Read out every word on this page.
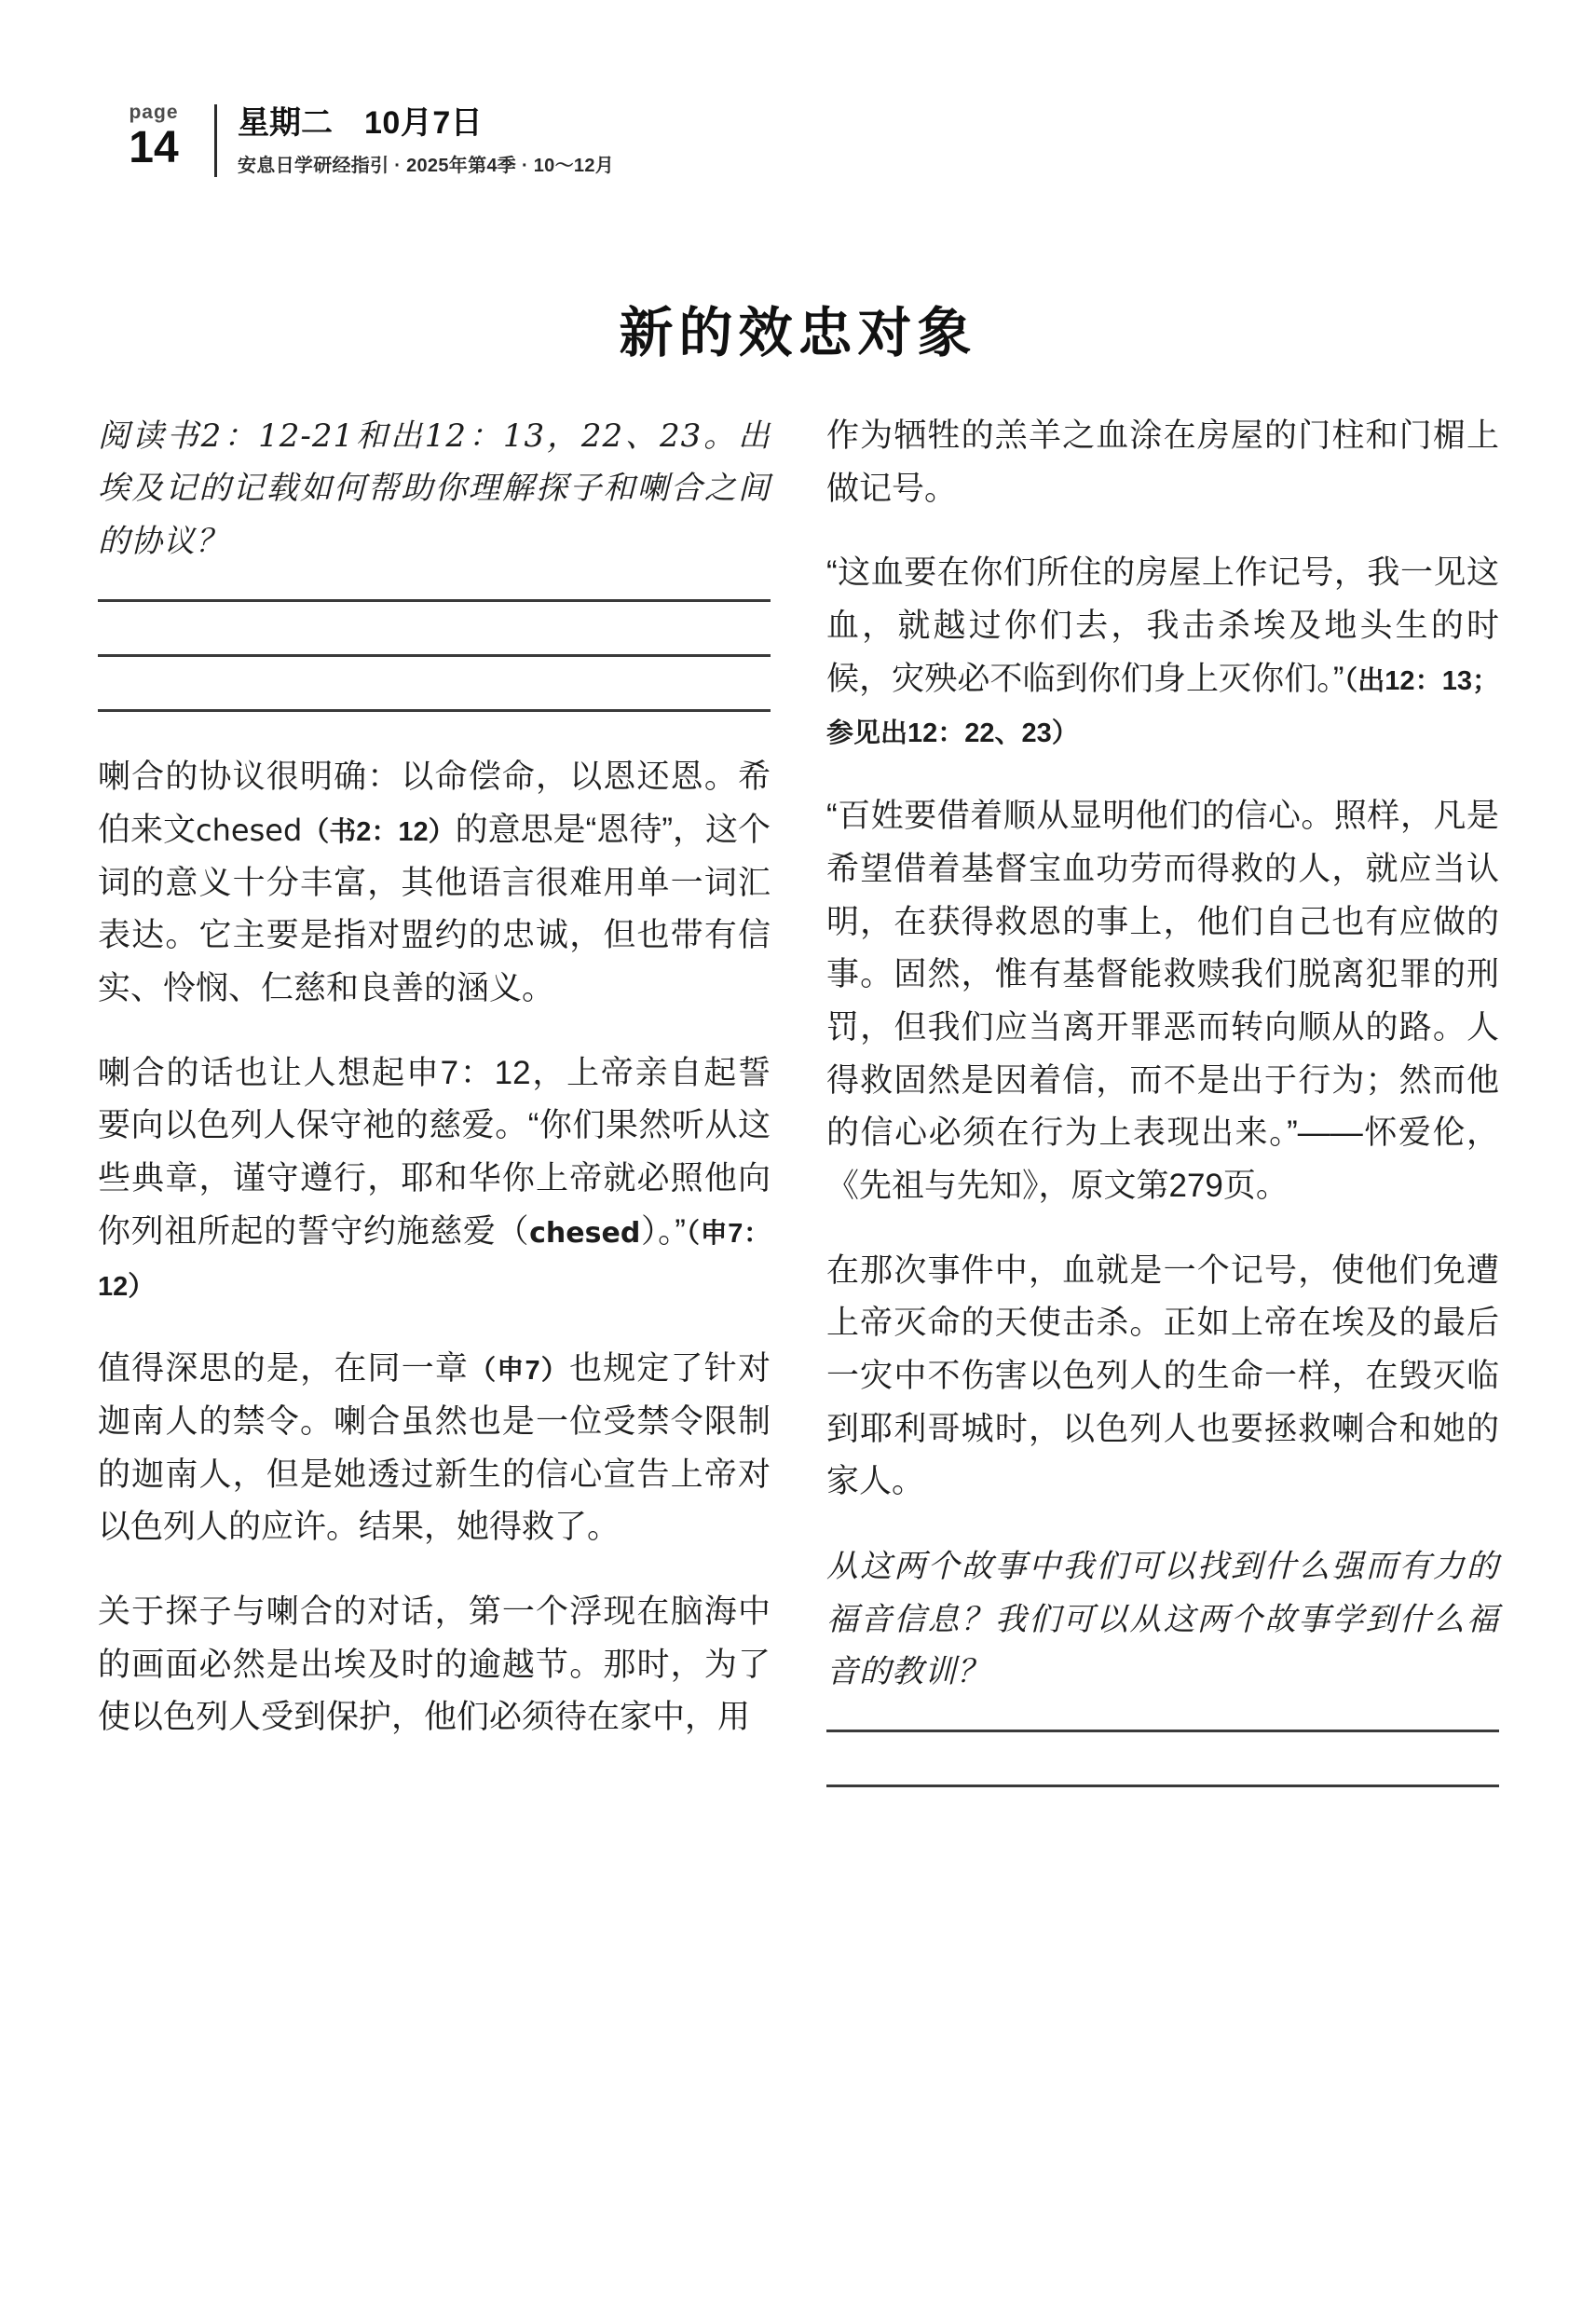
page
14	星期二 10月7日
安息日学研经指引 · 2025年第4季 · 10～12月
新的效忠对象

阅读书2：12-21和出12：13，22、23。出埃及记的记载如何帮助你理解探子和喇合之间的协议？

喇合的协议很明确：以命偿命，以恩还恩。希伯来文chesed（书2：12）的意思是“恩待”，这个词的意义十分丰富，其他语言很难用单一词汇表达。它主要是指对盟约的忠诚，但也带有信实、怜悯、仁慈和良善的涵义。

喇合的话也让人想起申7：12，上帝亲自起誓要向以色列人保守祂的慈爱。“你们果然听从这些典章，谨守遵行，耶和华你上帝就必照他向你列祖所起的誓守约施慈爱（chesed）。”（申7：12）

值得深思的是，在同一章（申7）也规定了针对迦南人的禁令。喇合虽然也是一位受禁令限制的迦南人，但是她透过新生的信心宣告上帝对以色列人的应许。结果，她得救了。

关于探子与喇合的对话，第一个浮现在脑海中的画面必然是出埃及时的逾越节。那时，为了使以色列人受到保护，他们必须待在家中，用

作为牺牲的羔羊之血涂在房屋的门柱和门楣上做记号。

“这血要在你们所住的房屋上作记号，我一见这血，就越过你们去，我击杀埃及地头生的时候，灾殃必不临到你们身上灭你们。”（出12：13；参见出12：22、23）

“百姓要借着顺从显明他们的信心。照样，凡是希望借着基督宝血功劳而得救的人，就应当认明，在获得救恩的事上，他们自己也有应做的事。固然，惟有基督能救赎我们脱离犯罪的刑罚，但我们应当离开罪恶而转向顺从的路。人得救固然是因着信，而不是出于行为；然而他的信心必须在行为上表现出来。”——怀爱伦，《先祖与先知》，原文第279页。

在那次事件中，血就是一个记号，使他们免遭上帝灭命的天使击杀。正如上帝在埃及的最后一灾中不伤害以色列人的生命一样，在毁灭临到耶利哥城时，以色列人也要拯救喇合和她的家人。

从这两个故事中我们可以找到什么强而有力的福音信息？我们可以从这两个故事学到什么福音的教训？
